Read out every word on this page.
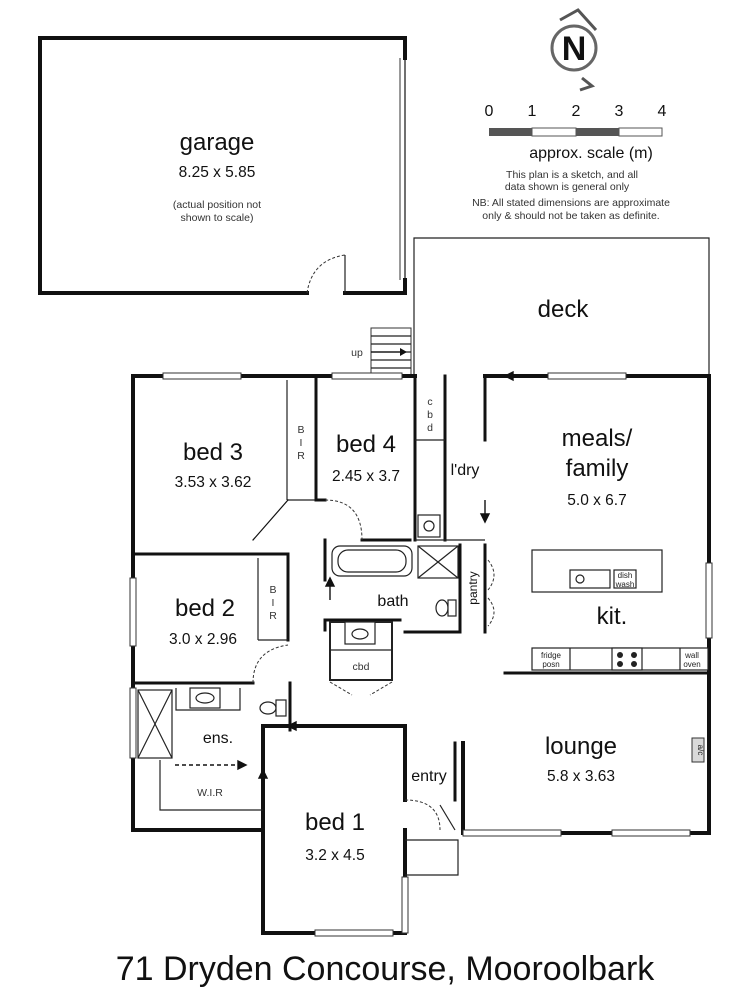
garage
8.25 x 5.85
(actual position not
shown to scale)
N
0 1 2 3 4
approx. scale (m)
This plan is a sketch, and all
data shown is general only
NB: All stated dimensions are approximate
only & should not be taken as definite.
deck
up
dish
wash
fridge
posn
wall
oven
a/c
bed 3
3.53 x 3.62
bed 4
2.45 x 3.7
bed 2
3.0 x 2.96
bed 1
3.2 x 4.5
meals/
family
5.0 x 6.7
kit.
lounge
5.8 x 3.63
bath
ens.
entry
l'dry
pantry
W.I.R
cbd
B
I
R
B
I
R
c
b
d
71 Dryden Concourse, Mooroolbark
